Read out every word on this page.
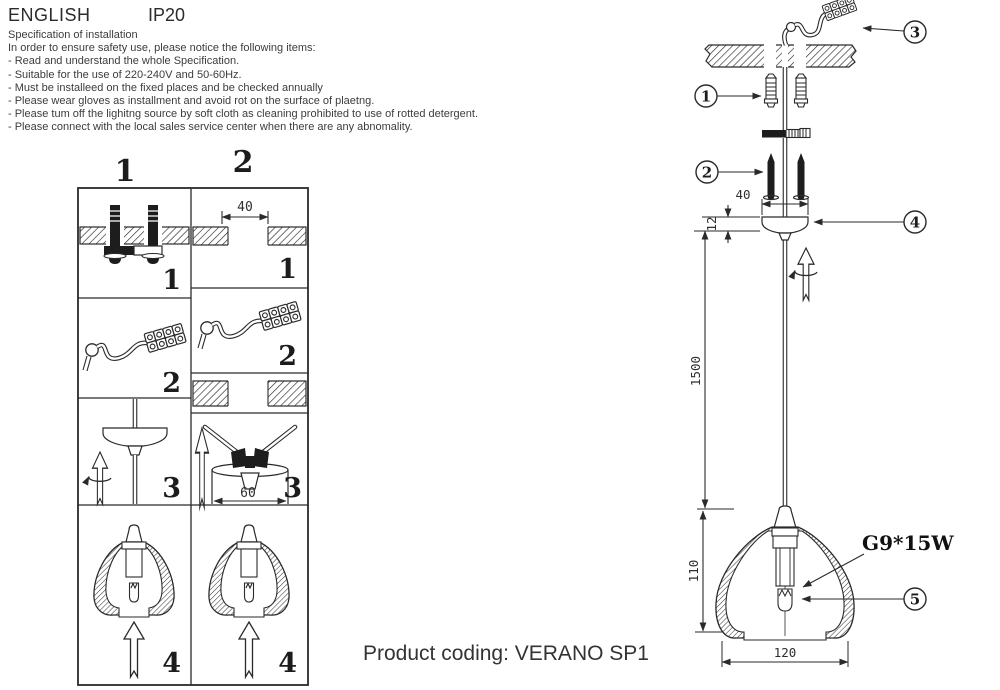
ENGLISH	IP20
Specification of installation
In order to ensure safety use, please notice the following items:
- Read and understand the whole Specification.
- Suitable for the use of 220-240V and 50-60Hz.
- Must be installeed on the fixed places and be checked annually
- Please wear gloves as installment and avoid rot on the surface of plaetng.
- Please tum off the lighitng source by soft cloth as cleaning prohibited to use of rotted detergent.
- Please connect with the local sales service center when there are any abnomality.
1	2
1
2
3
4
40
1
2
60 3
4
40
12
1500
110
120
G9*15W
1
2
3
4
5
Product coding: VERANO SP1
